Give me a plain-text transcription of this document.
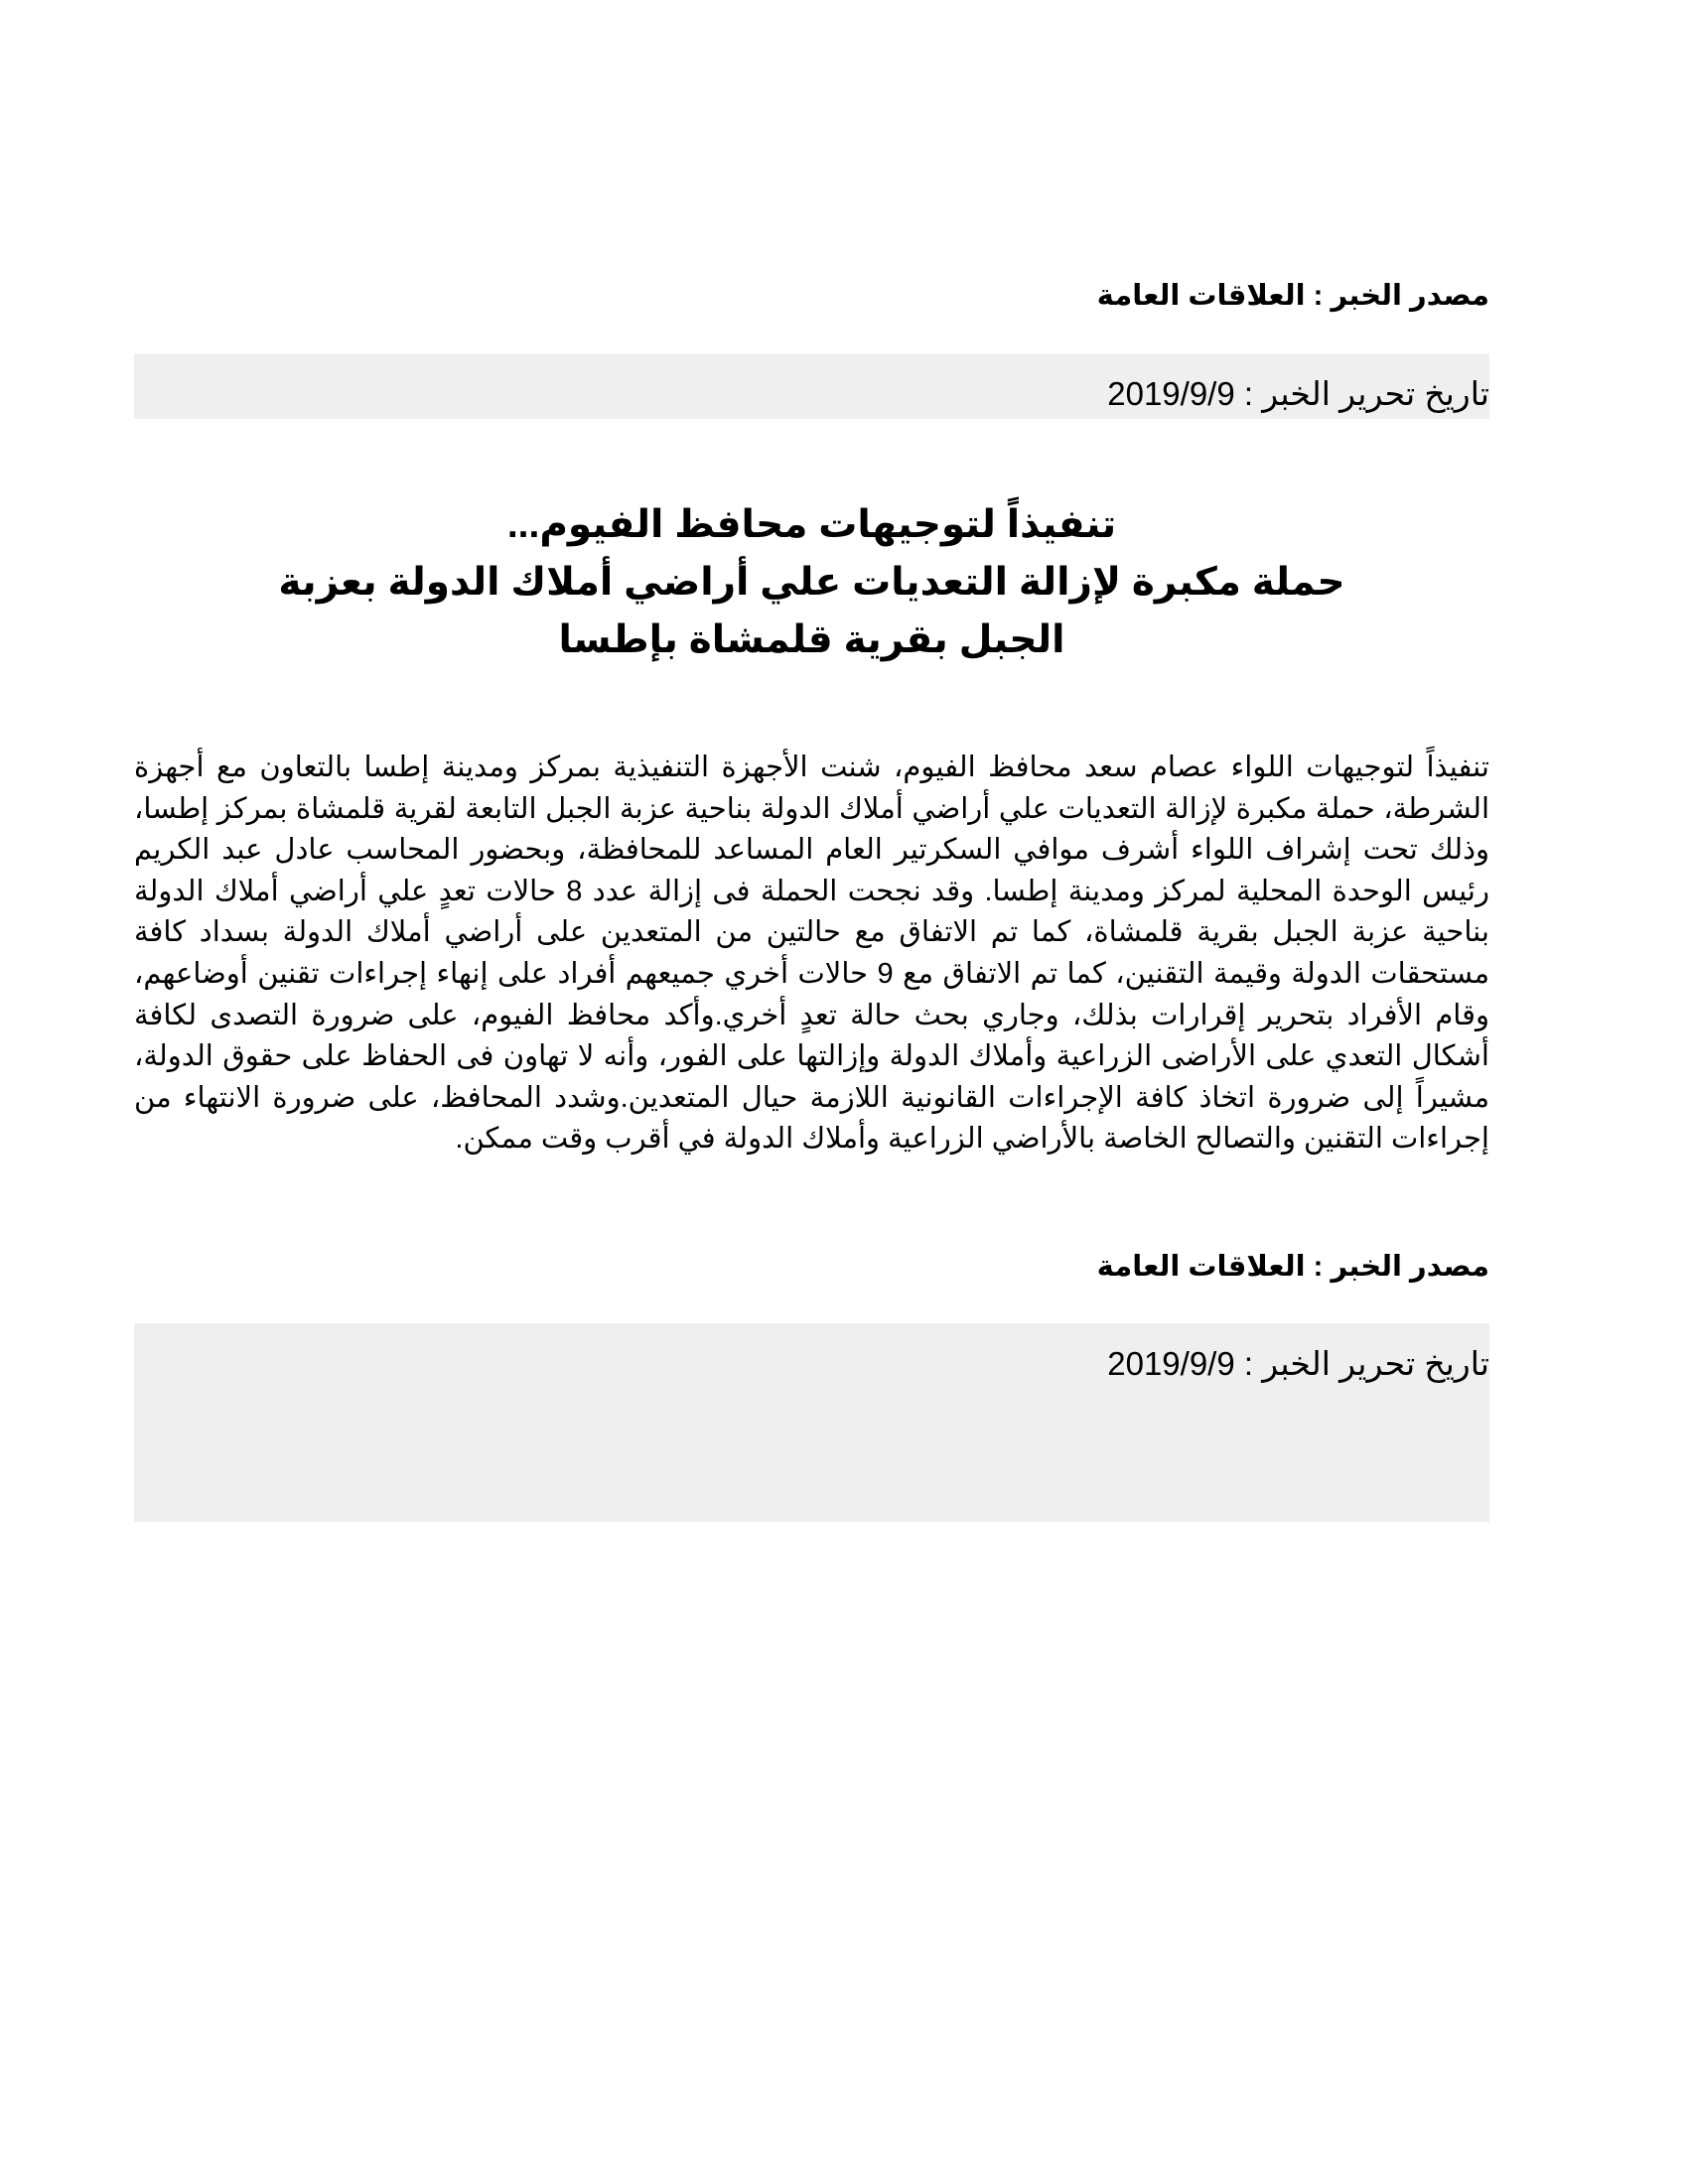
مصدر الخبر : العلاقات العامة
تاريخ تحرير الخبر : 2019/9/9
تنفيذاً لتوجيهات محافظ الفيوم...
حملة مكبرة لإزالة التعديات علي أراضي أملاك الدولة بعزبة الجبل بقرية قلمشاة بإطسا

تنفيذاً لتوجيهات اللواء عصام سعد محافظ الفيوم، شنت الأجهزة التنفيذية بمركز ومدينة إطسا بالتعاون مع أجهزة الشرطة، حملة مكبرة لإزالة التعديات علي أراضي أملاك الدولة بناحية عزبة الجبل التابعة لقرية قلمشاة بمركز إطسا، وذلك تحت إشراف اللواء أشرف موافي السكرتير العام المساعد للمحافظة، وبحضور المحاسب عادل عبد الكريم رئيس الوحدة المحلية لمركز ومدينة إطسا. وقد نجحت الحملة فى إزالة عدد 8 حالات تعدٍ علي أراضي أملاك الدولة بناحية عزبة الجبل بقرية قلمشاة، كما تم الاتفاق مع حالتين من المتعدين على أراضي أملاك الدولة بسداد كافة مستحقات الدولة وقيمة التقنين، كما تم الاتفاق مع 9 حالات أخري جميعهم أفراد على إنهاء إجراءات تقنين أوضاعهم، وقام الأفراد بتحرير إقرارات بذلك، وجاري بحث حالة تعدٍ أخري.وأكد محافظ الفيوم، على ضرورة التصدى لكافة أشكال التعدي على الأراضى الزراعية وأملاك الدولة وإزالتها على الفور، وأنه لا تهاون فى الحفاظ على حقوق الدولة، مشيراً إلى ضرورة اتخاذ كافة الإجراءات القانونية اللازمة حيال المتعدين.وشدد المحافظ، على ضرورة الانتهاء من إجراءات التقنين والتصالح الخاصة بالأراضي الزراعية وأملاك الدولة في أقرب وقت ممكن.

مصدر الخبر : العلاقات العامة
تاريخ تحرير الخبر : 2019/9/9
